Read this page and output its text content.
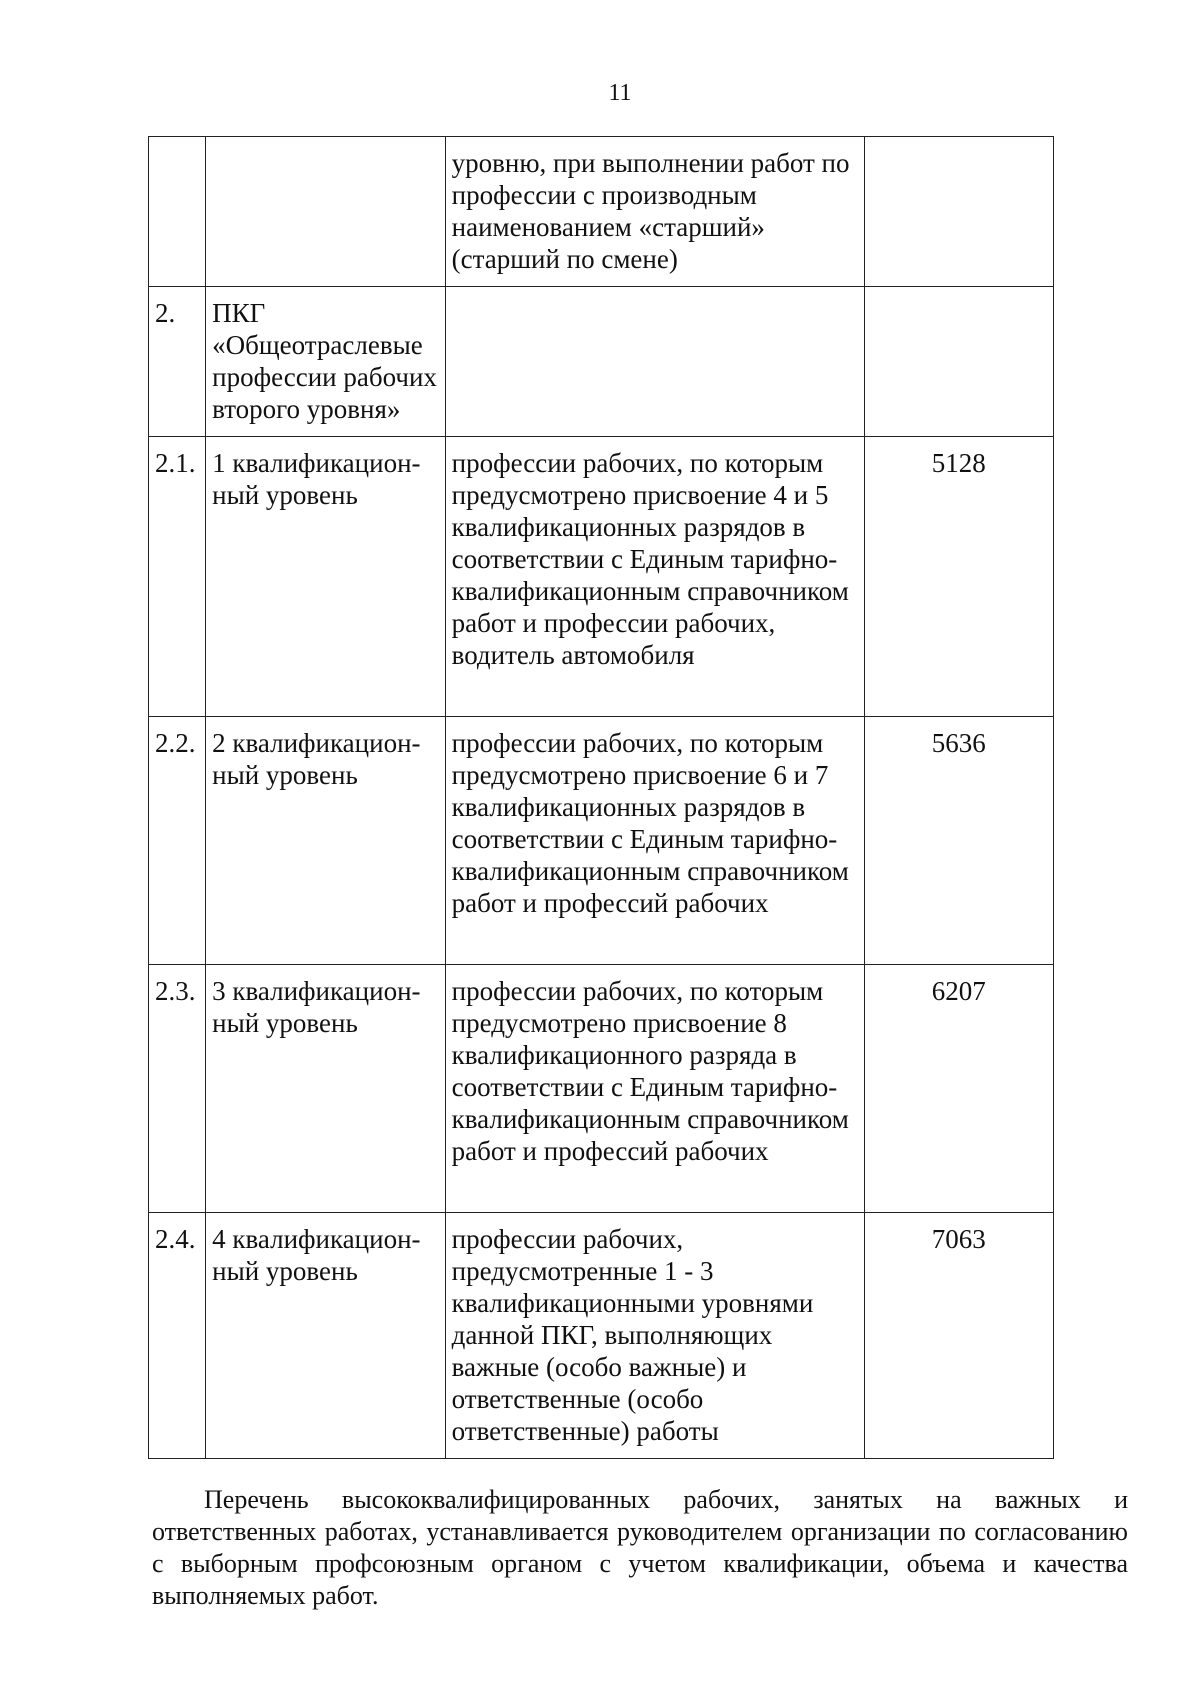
11
		уровню, при выполнении работ по профессии с производным наименованием «старший» (старший по смене)	
2.	ПКГ «Общеотраслевые профессии рабочих второго уровня»		
2.1.	1 квалификацион-ный уровень	профессии рабочих, по которым предусмотрено присвоение 4 и 5 квалификационных разрядов в соответствии с Единым тарифно-квалификационным справочником работ и профессии рабочих, водитель автомобиля	5128
2.2.	2 квалификацион-ный уровень	профессии рабочих, по которым предусмотрено присвоение 6 и 7 квалификационных разрядов в соответствии с Единым тарифно-квалификационным справочником работ и профессий рабочих	5636
2.3.	3 квалификацион-ный уровень	профессии рабочих, по которым предусмотрено присвоение 8 квалификационного разряда в соответствии с Единым тарифно-квалификационным справочником работ и профессий рабочих	6207
2.4.	4 квалификацион-ный уровень	профессии рабочих, предусмотренные 1 - 3 квалификационными уровнями данной ПКГ, выполняющих важные (особо важные) и ответственные (особо ответственные) работы	7063

Перечень высококвалифицированных рабочих, занятых на важных и ответственных работах, устанавливается руководителем организации по согласованию с выборным профсоюзным органом с учетом квалификации, объема и качества выполняемых работ.
